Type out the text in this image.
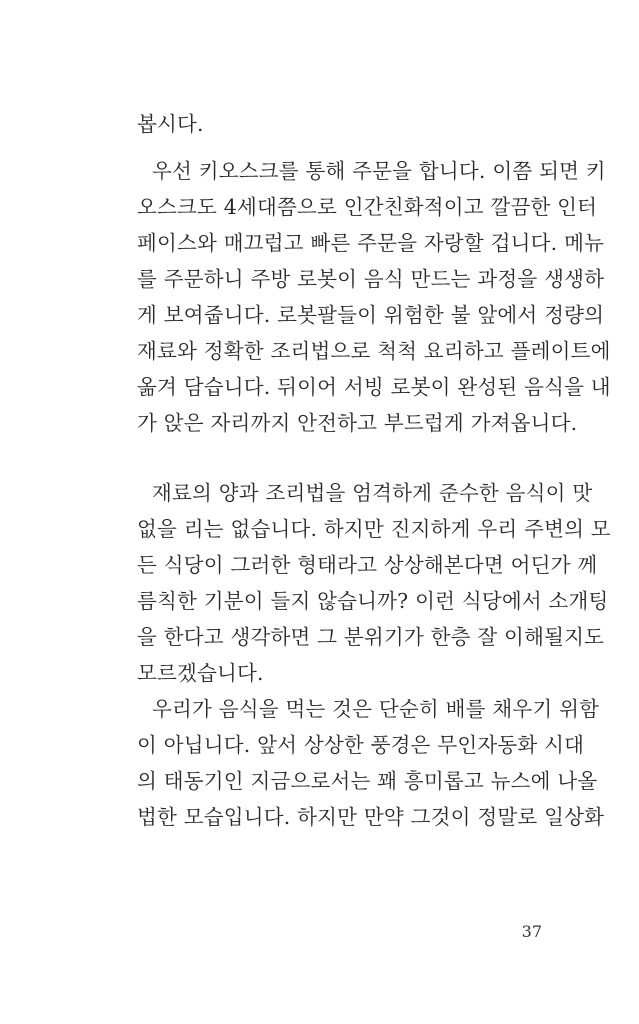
봅시다.
우선 키오스크를 통해 주문을 합니다. 이쯤 되면 키
오스크도 4세대쯤으로 인간친화적이고 깔끔한 인터
페이스와 매끄럽고 빠른 주문을 자랑할 겁니다. 메뉴
를 주문하니 주방 로봇이 음식 만드는 과정을 생생하
게 보여줍니다. 로봇팔들이 위험한 불 앞에서 정량의
재료와 정확한 조리법으로 척척 요리하고 플레이트에
옮겨 담습니다. 뒤이어 서빙 로봇이 완성된 음식을 내
가 앉은 자리까지 안전하고 부드럽게 가져옵니다.
재료의 양과 조리법을 엄격하게 준수한 음식이 맛
없을 리는 없습니다. 하지만 진지하게 우리 주변의 모
든 식당이 그러한 형태라고 상상해본다면 어딘가 께
름칙한 기분이 들지 않습니까? 이런 식당에서 소개팅
을 한다고 생각하면 그 분위기가 한층 잘 이해될지도
모르겠습니다.
우리가 음식을 먹는 것은 단순히 배를 채우기 위함
이 아닙니다. 앞서 상상한 풍경은 무인자동화 시대
의 태동기인 지금으로서는 꽤 흥미롭고 뉴스에 나올
법한 모습입니다. 하지만 만약 그것이 정말로 일상화
37
